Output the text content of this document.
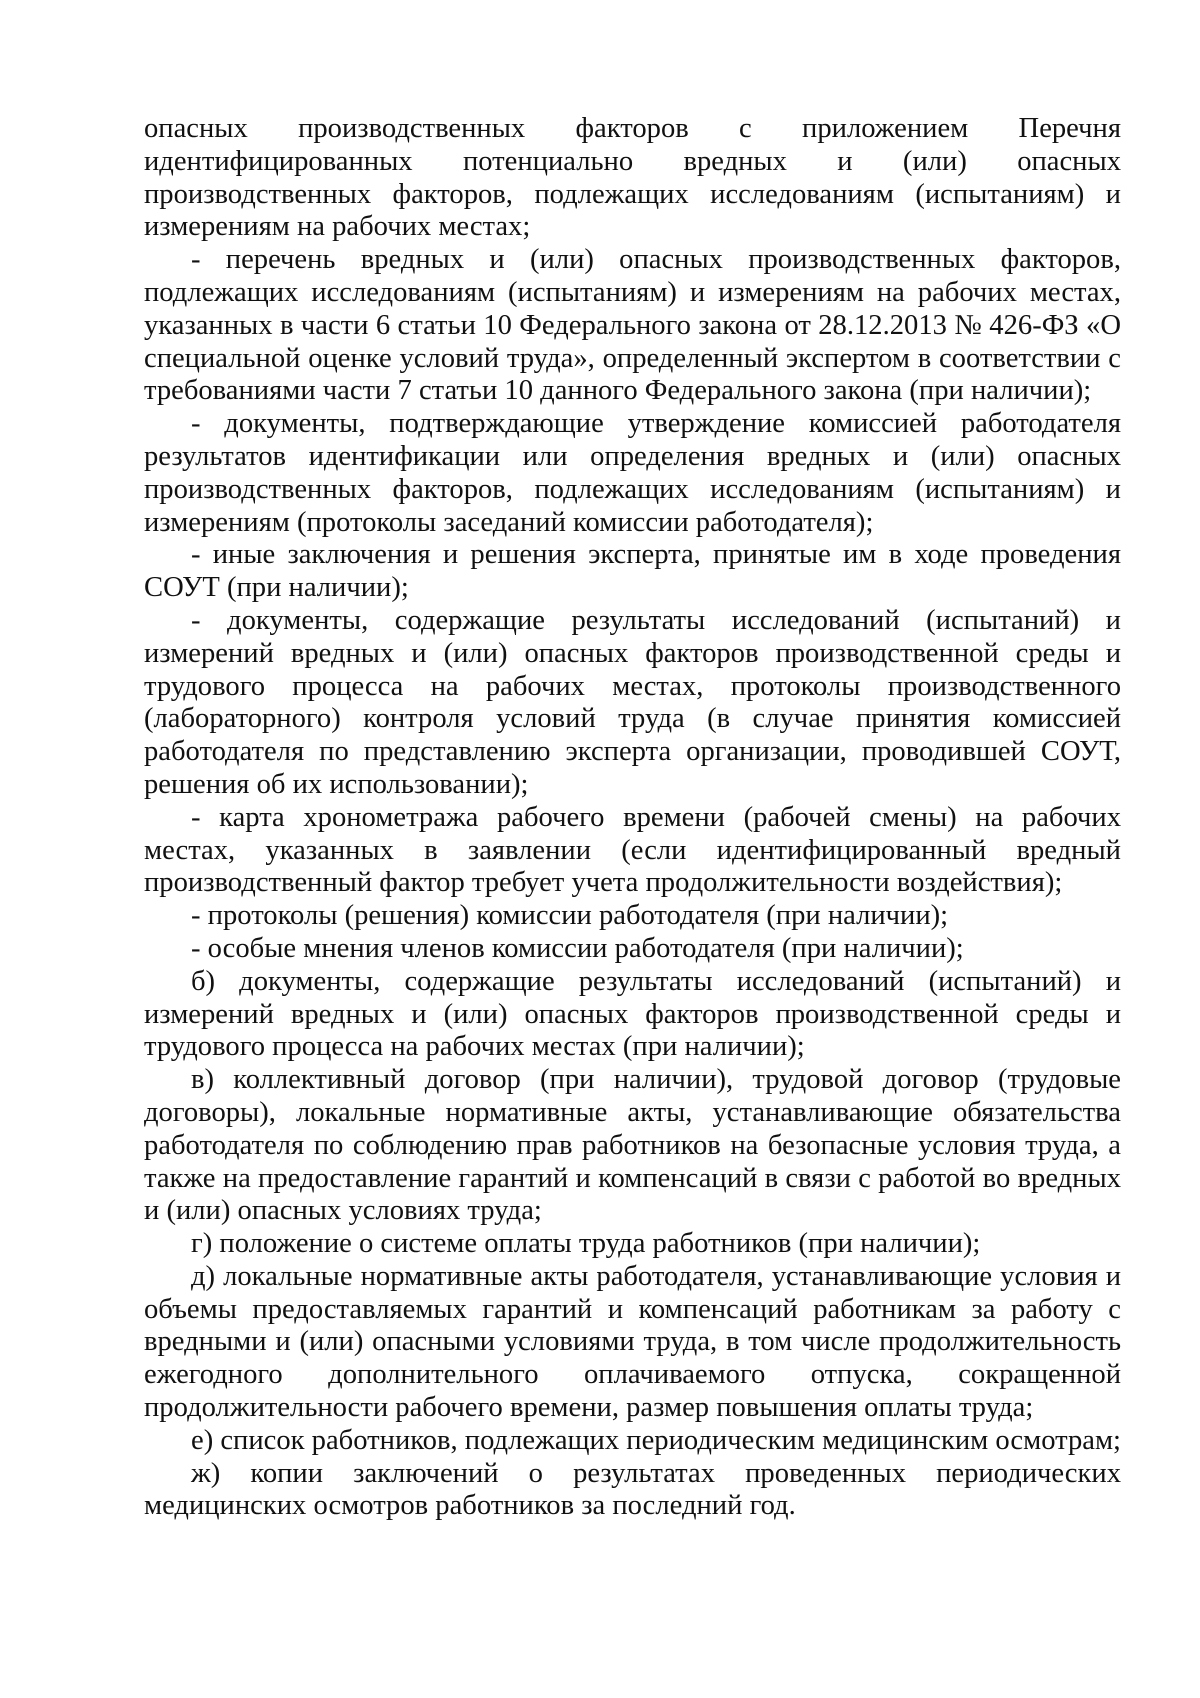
опасных производственных факторов с приложением Перечня идентифицированных потенциально вредных и (или) опасных производственных факторов, подлежащих исследованиям (испытаниям) и измерениям на рабочих местах;

- перечень вредных и (или) опасных производственных факторов, подлежащих исследованиям (испытаниям) и измерениям на рабочих местах, указанных в части 6 статьи 10 Федерального закона от 28.12.2013 № 426-ФЗ «О специальной оценке условий труда», определенный экспертом в соответствии с требованиями части 7 статьи 10 данного Федерального закона (при наличии);

- документы, подтверждающие утверждение комиссией работодателя результатов идентификации или определения вредных и (или) опасных производственных факторов, подлежащих исследованиям (испытаниям) и измерениям (протоколы заседаний комиссии работодателя);

- иные заключения и решения эксперта, принятые им в ходе проведения СОУТ (при наличии);

- документы, содержащие результаты исследований (испытаний) и измерений вредных и (или) опасных факторов производственной среды и трудового процесса на рабочих местах, протоколы производственного (лабораторного) контроля условий труда (в случае принятия комиссией работодателя по представлению эксперта организации, проводившей СОУТ, решения об их использовании);

- карта хронометража рабочего времени (рабочей смены) на рабочих местах, указанных в заявлении (если идентифицированный вредный производственный фактор требует учета продолжительности воздействия);

- протоколы (решения) комиссии работодателя (при наличии);

- особые мнения членов комиссии работодателя (при наличии);

б) документы, содержащие результаты исследований (испытаний) и измерений вредных и (или) опасных факторов производственной среды и трудового процесса на рабочих местах (при наличии);

в) коллективный договор (при наличии), трудовой договор (трудовые договоры), локальные нормативные акты, устанавливающие обязательства работодателя по соблюдению прав работников на безопасные условия труда, а также на предоставление гарантий и компенсаций в связи с работой во вредных и (или) опасных условиях труда;

г) положение о системе оплаты труда работников (при наличии);

д) локальные нормативные акты работодателя, устанавливающие условия и объемы предоставляемых гарантий и компенсаций работникам за работу с вредными и (или) опасными условиями труда, в том числе продолжительность ежегодного дополнительного оплачиваемого отпуска, сокращенной продолжительности рабочего времени, размер повышения оплаты труда;

е) список работников, подлежащих периодическим медицинским осмотрам;

ж) копии заключений о результатах проведенных периодических медицинских осмотров работников за последний год.
